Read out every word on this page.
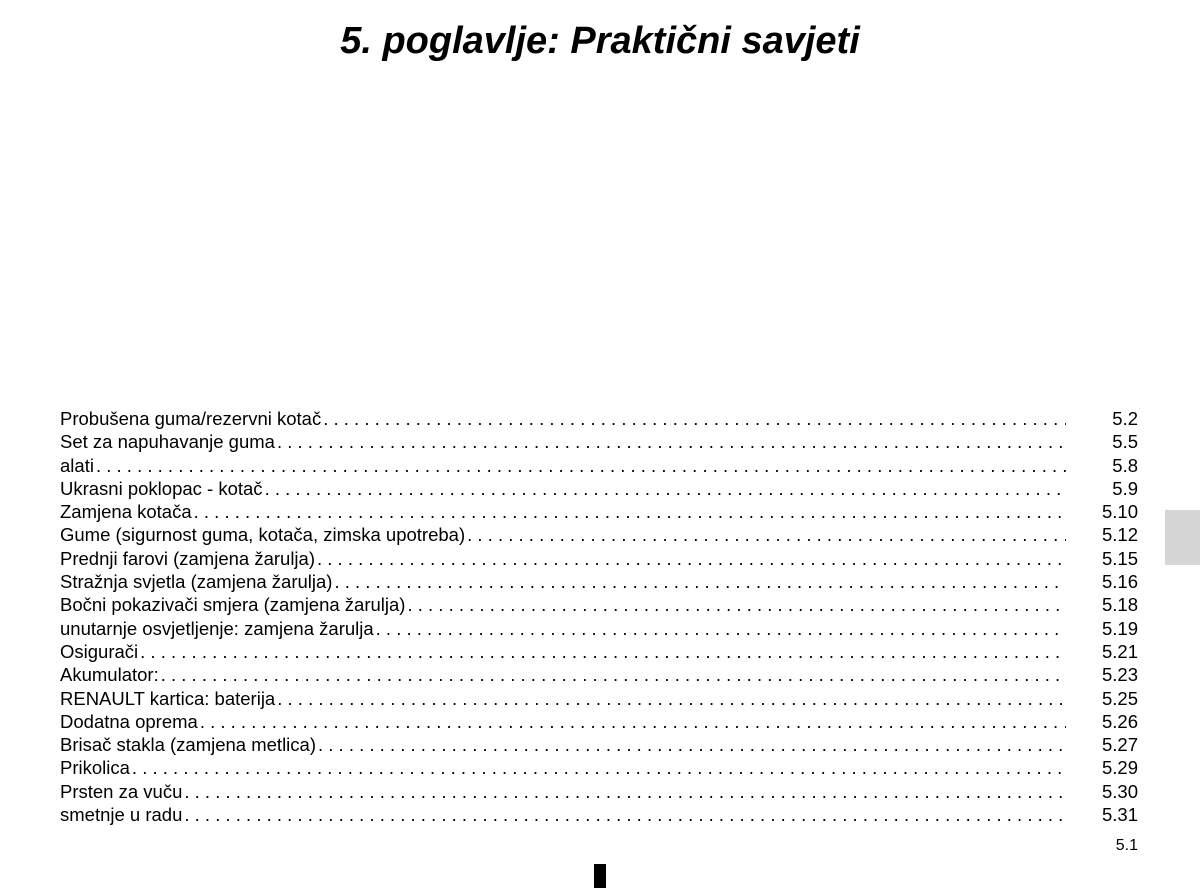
5. poglavlje: Praktični savjeti
Probušena guma/rezervni kotač . . .	5.2
Set za napuhavanje guma . . .	5.5
alati . . .	5.8
Ukrasni poklopac - kotač . . .	5.9
Zamjena kotača . . .	5.10
Gume (sigurnost guma, kotača, zimska upotreba) . . .	5.12
Prednji farovi (zamjena žarulja) . . .	5.15
Stražnja svjetla (zamjena žarulja) . . .	5.16
Bočni pokazivači smjera (zamjena žarulja) . . .	5.18
unutarnje osvjetljenje: zamjena žarulja . . .	5.19
Osigurači . . .	5.21
Akumulator: . . .	5.23
RENAULT kartica: baterija . . .	5.25
Dodatna oprema . . .	5.26
Brisač stakla (zamjena metlica) . . .	5.27
Prikolica . . .	5.29
Prsten za vuču . . .	5.30
smetnje u radu . . .	5.31
5.1
